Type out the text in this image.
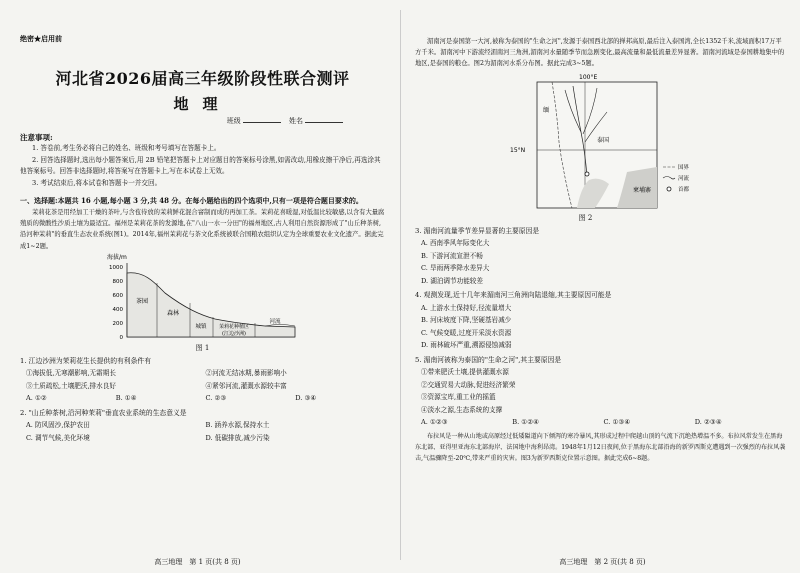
绝密★启用前
河北省2026届高三年级阶段性联合测评
地理
班级	姓名
注意事项:
1. 答卷前,考生务必将自己的姓名、班级和考号填写在答题卡上。
2. 回答选择题时,选出每小题答案后,用 2B 铅笔把答题卡上对应题目的答案标号涂黑,如需改动,用橡皮擦干净后,再选涂其他答案标号。回答非选择题时,将答案写在答题卡上,写在本试卷上无效。
3. 考试结束后,将本试卷和答题卡一并交回。
一、选择题:本题共 16 小题,每小题 3 分,共 48 分。在每小题给出的四个选项中,只有一项是符合题目要求的。
茉莉花茶是用经加工干燥的茶叶,与含苞待放的茉莉鲜花混合窨制而成的再加工茶。茉莉花喜暖湿,对低温比较敏感,以含有大量腐殖质的微酸性沙质土壤为最适宜。福州是茉莉花茶的发源地,在"八山一水一分田"的福州地区,古人利用自然资源形成了"山丘种茶树,沿河种茉莉"的垂直生态农业系统(图1)。2014年,福州茉莉花与茶文化系统被联合国粮农组织认定为全球重要农业文化遗产。据此完成1~2题。
海拔/m
1000
800
600
400
200
0
茶园
森林
城镇 茉莉花种植区(江边沙洲)
河流
图 1
1. 江边沙洲为茉莉花生长提供的有利条件有
①海拔低,无寒潮影响,无霜期长	②河流无结冰期,暴雨影响小
③土质疏松,土壤肥沃,排水良好	④紧邻河流,灌溉水源较丰富
A. ①②	B. ①④	C. ②③	D. ③④
2. "山丘种茶树,沿河种茉莉"垂直农业系统的生态意义是
A. 防风固沙,保护农田	B. 涵养水源,保持水土
C. 调节气候,美化环境	D. 低碳排放,减少污染
高三地理　第 1 页(共 8 页)
湄南河是泰国第一大河,被称为泰国的"生命之河",发源于泰国西北部的掸邦高原,最后注入泰国湾,全长1352千米,流域面积17万平方千米。湄南河中下游流经湄南河三角洲,湄南河水量随季节而急剧变化,最高流量和最低流量差异显著。湄南河流域是泰国耕地集中的地区,是泰国的粮仓。图2为湄南河水系分布图。据此完成3~5题。
100°E
15°N
缅
泰国
柬埔寨
国界
河流
首都
图 2
3. 湄南河流量季节差异显著的主要原因是
A. 西南季风年际变化大
B. 下游河流宣泄不畅
C. 旱雨两季降水差异大
D. 湖泊调节功能较差
4. 观测发现,近十几年来湄南河三角洲向陆退缩,其主要原因可能是
A. 上游水土保持好,径流量增大
B. 河床坡度下降,坚硬基岩减少
C. 气候变暖,过度开采淡水资源
D. 雨林破坏严重,溯源侵蚀减弱
5. 湄南河被称为泰国的"生命之河",其主要原因是
①带来肥沃土壤,提供灌溉水源
②交通贸易大动脉,促进经济繁荣
③资源宝库,重工业的摇篮
④淡水之源,生态系统的支撑
A. ①②③	B. ①②④	C. ①③④	D. ②③④
布拉风是一种从山地或高原经过低矮隘道向下倾泻的寒冷暴风,其形成过程中爬越山顶的气流下沉绝热增温不多。布拉风常发生在黑海东北部、亚得里亚海东北部海岸、法国地中海利昂湾。1948年1月12日夜间,位于黑海东北部沿海的新罗西斯克遭遇到一次强烈的布拉风袭击,气温骤降至-20℃,带来严重的灾害。图3为新罗西斯克位置示意图。据此完成6~8题。
高三地理　第 2 页(共 8 页)
